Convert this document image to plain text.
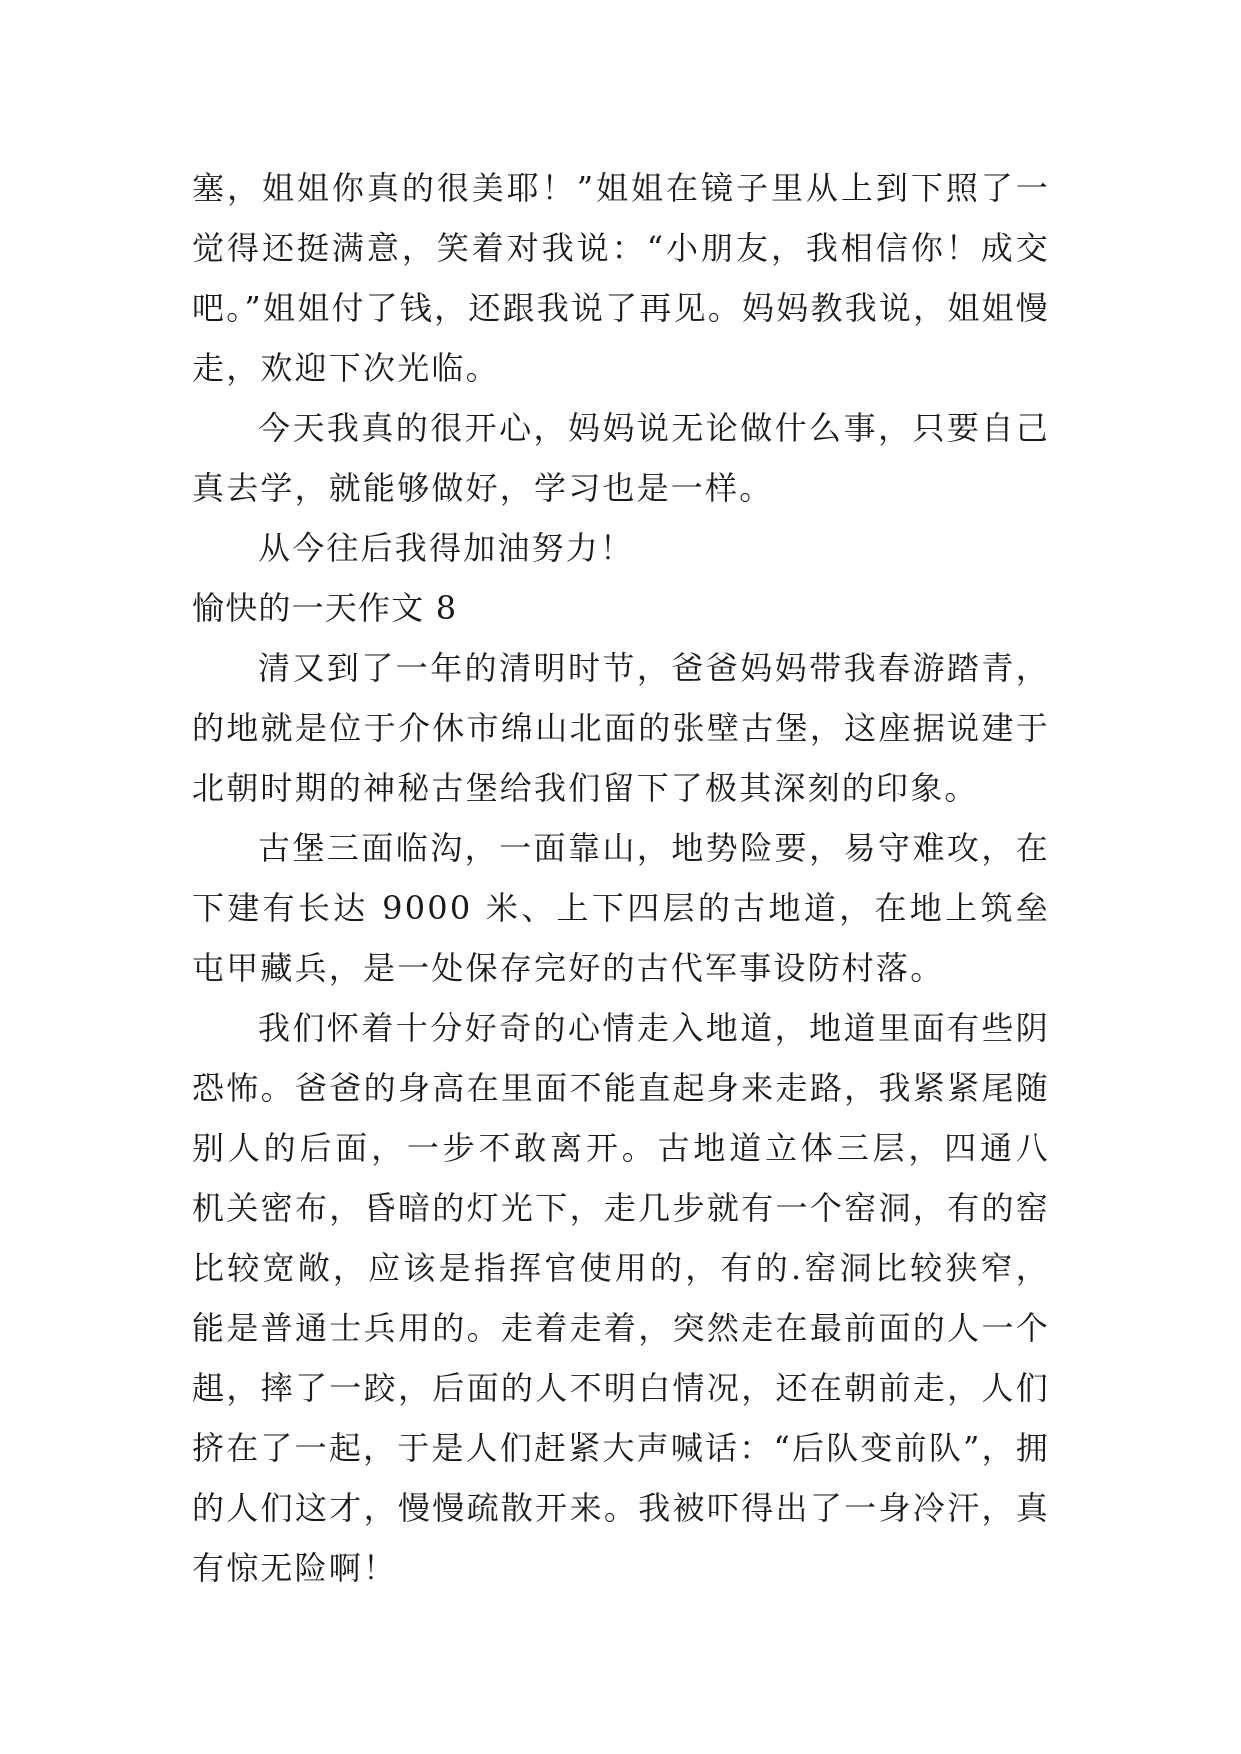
塞，姐姐你真的很美耶！”姐姐在镜子里从上到下照了一
觉得还挺满意，笑着对我说：“小朋友，我相信你！成交
吧。”姐姐付了钱，还跟我说了再见。妈妈教我说，姐姐慢
走，欢迎下次光临。
今天我真的很开心，妈妈说无论做什么事，只要自己
真去学，就能够做好，学习也是一样。
从今往后我得加油努力！
愉快的一天作文 8
清又到了一年的清明时节，爸爸妈妈带我春游踏青，
的地就是位于介休市绵山北面的张壁古堡，这座据说建于
北朝时期的神秘古堡给我们留下了极其深刻的印象。
古堡三面临沟，一面靠山，地势险要，易守难攻，在
下建有长达 9000 米、上下四层的古地道，在地上筑垒
屯甲藏兵，是一处保存完好的古代军事设防村落。
我们怀着十分好奇的心情走入地道，地道里面有些阴
恐怖。爸爸的身高在里面不能直起身来走路，我紧紧尾随
别人的后面，一步不敢离开。古地道立体三层，四通八
机关密布，昏暗的灯光下，走几步就有一个窑洞，有的窑
比较宽敞，应该是指挥官使用的，有的.窑洞比较狭窄，
能是普通士兵用的。走着走着，突然走在最前面的人一个
趄，摔了一跤，后面的人不明白情况，还在朝前走，人们
挤在了一起，于是人们赶紧大声喊话：“后队变前队”，拥
的人们这才，慢慢疏散开来。我被吓得出了一身冷汗，真
有惊无险啊！
